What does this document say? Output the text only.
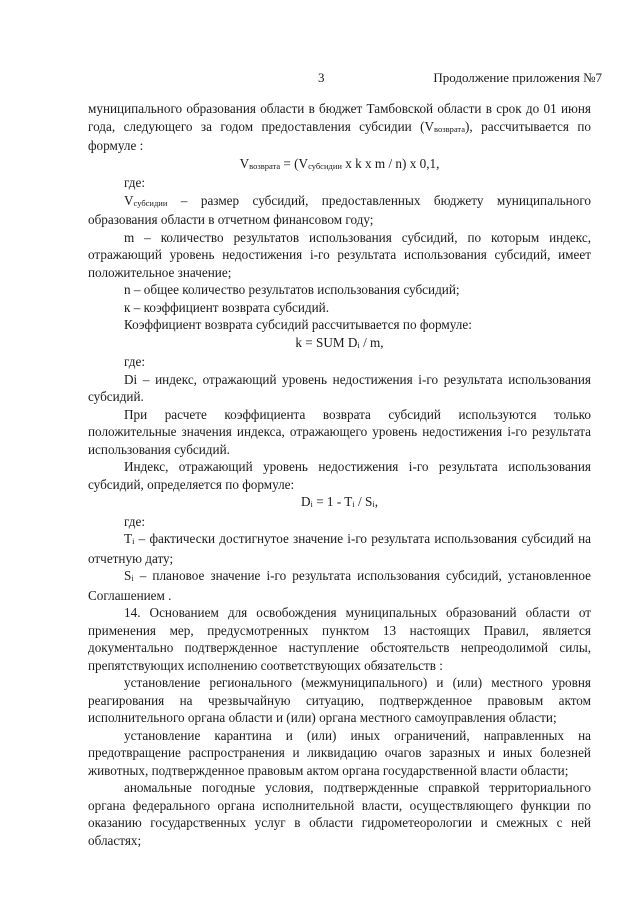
3	Продолжение приложения №7

муниципального образования области в бюджет Тамбовской области в срок до 01 июня года, следующего за годом предоставления субсидии $(V_{возврата})$, рассчитывается по формуле :

$V_{возврата} = (V_{субсидии}$ x k x m / n) x 0,1,

где:

$V_{субсидии}$ – размер субсидий, предоставленных бюджету муниципального образования области в отчетном финансовом году;

m – количество результатов использования субсидий, по которым индекс, отражающий уровень недостижения i-го результата использования субсидий, имеет положительное значение;

n – общее количество результатов использования субсидий;

к – коэффициент возврата субсидий.

Коэффициент возврата субсидий рассчитывается по формуле:

k = SUM $D_i$ / m,

где:

Di – индекс, отражающий уровень недостижения i-го результата использования субсидий.

При расчете коэффициента возврата субсидий используются только положительные значения индекса, отражающего уровень недостижения i-го результата использования субсидий.

Индекс, отражающий уровень недостижения i-го результата использования субсидий, определяется по формуле:

$D_i = 1 - T_i / S_i$,

где:

$T_i$ – фактически достигнутое значение i-го результата использования субсидий на отчетную дату;

$S_i$ – плановое значение i-го результата использования субсидий, установленное Соглашением .

14. Основанием для освобождения муниципальных образований области от применения мер, предусмотренных пунктом 13 настоящих Правил, является документально подтвержденное наступление обстоятельств непреодолимой силы, препятствующих исполнению соответствующих обязательств :

установление регионального (межмуниципального) и (или) местного уровня реагирования на чрезвычайную ситуацию, подтвержденное правовым актом исполнительного органа области и (или) органа местного самоуправления области;

установление карантина и (или) иных ограничений, направленных на предотвращение распространения и ликвидацию очагов заразных и иных болезней животных, подтвержденное правовым актом органа государственной власти области;

аномальные погодные условия, подтвержденные справкой территориального органа федерального органа исполнительной власти, осуществляющего функции по оказанию государственных услуг в области гидрометеорологии и смежных с ней областях;
